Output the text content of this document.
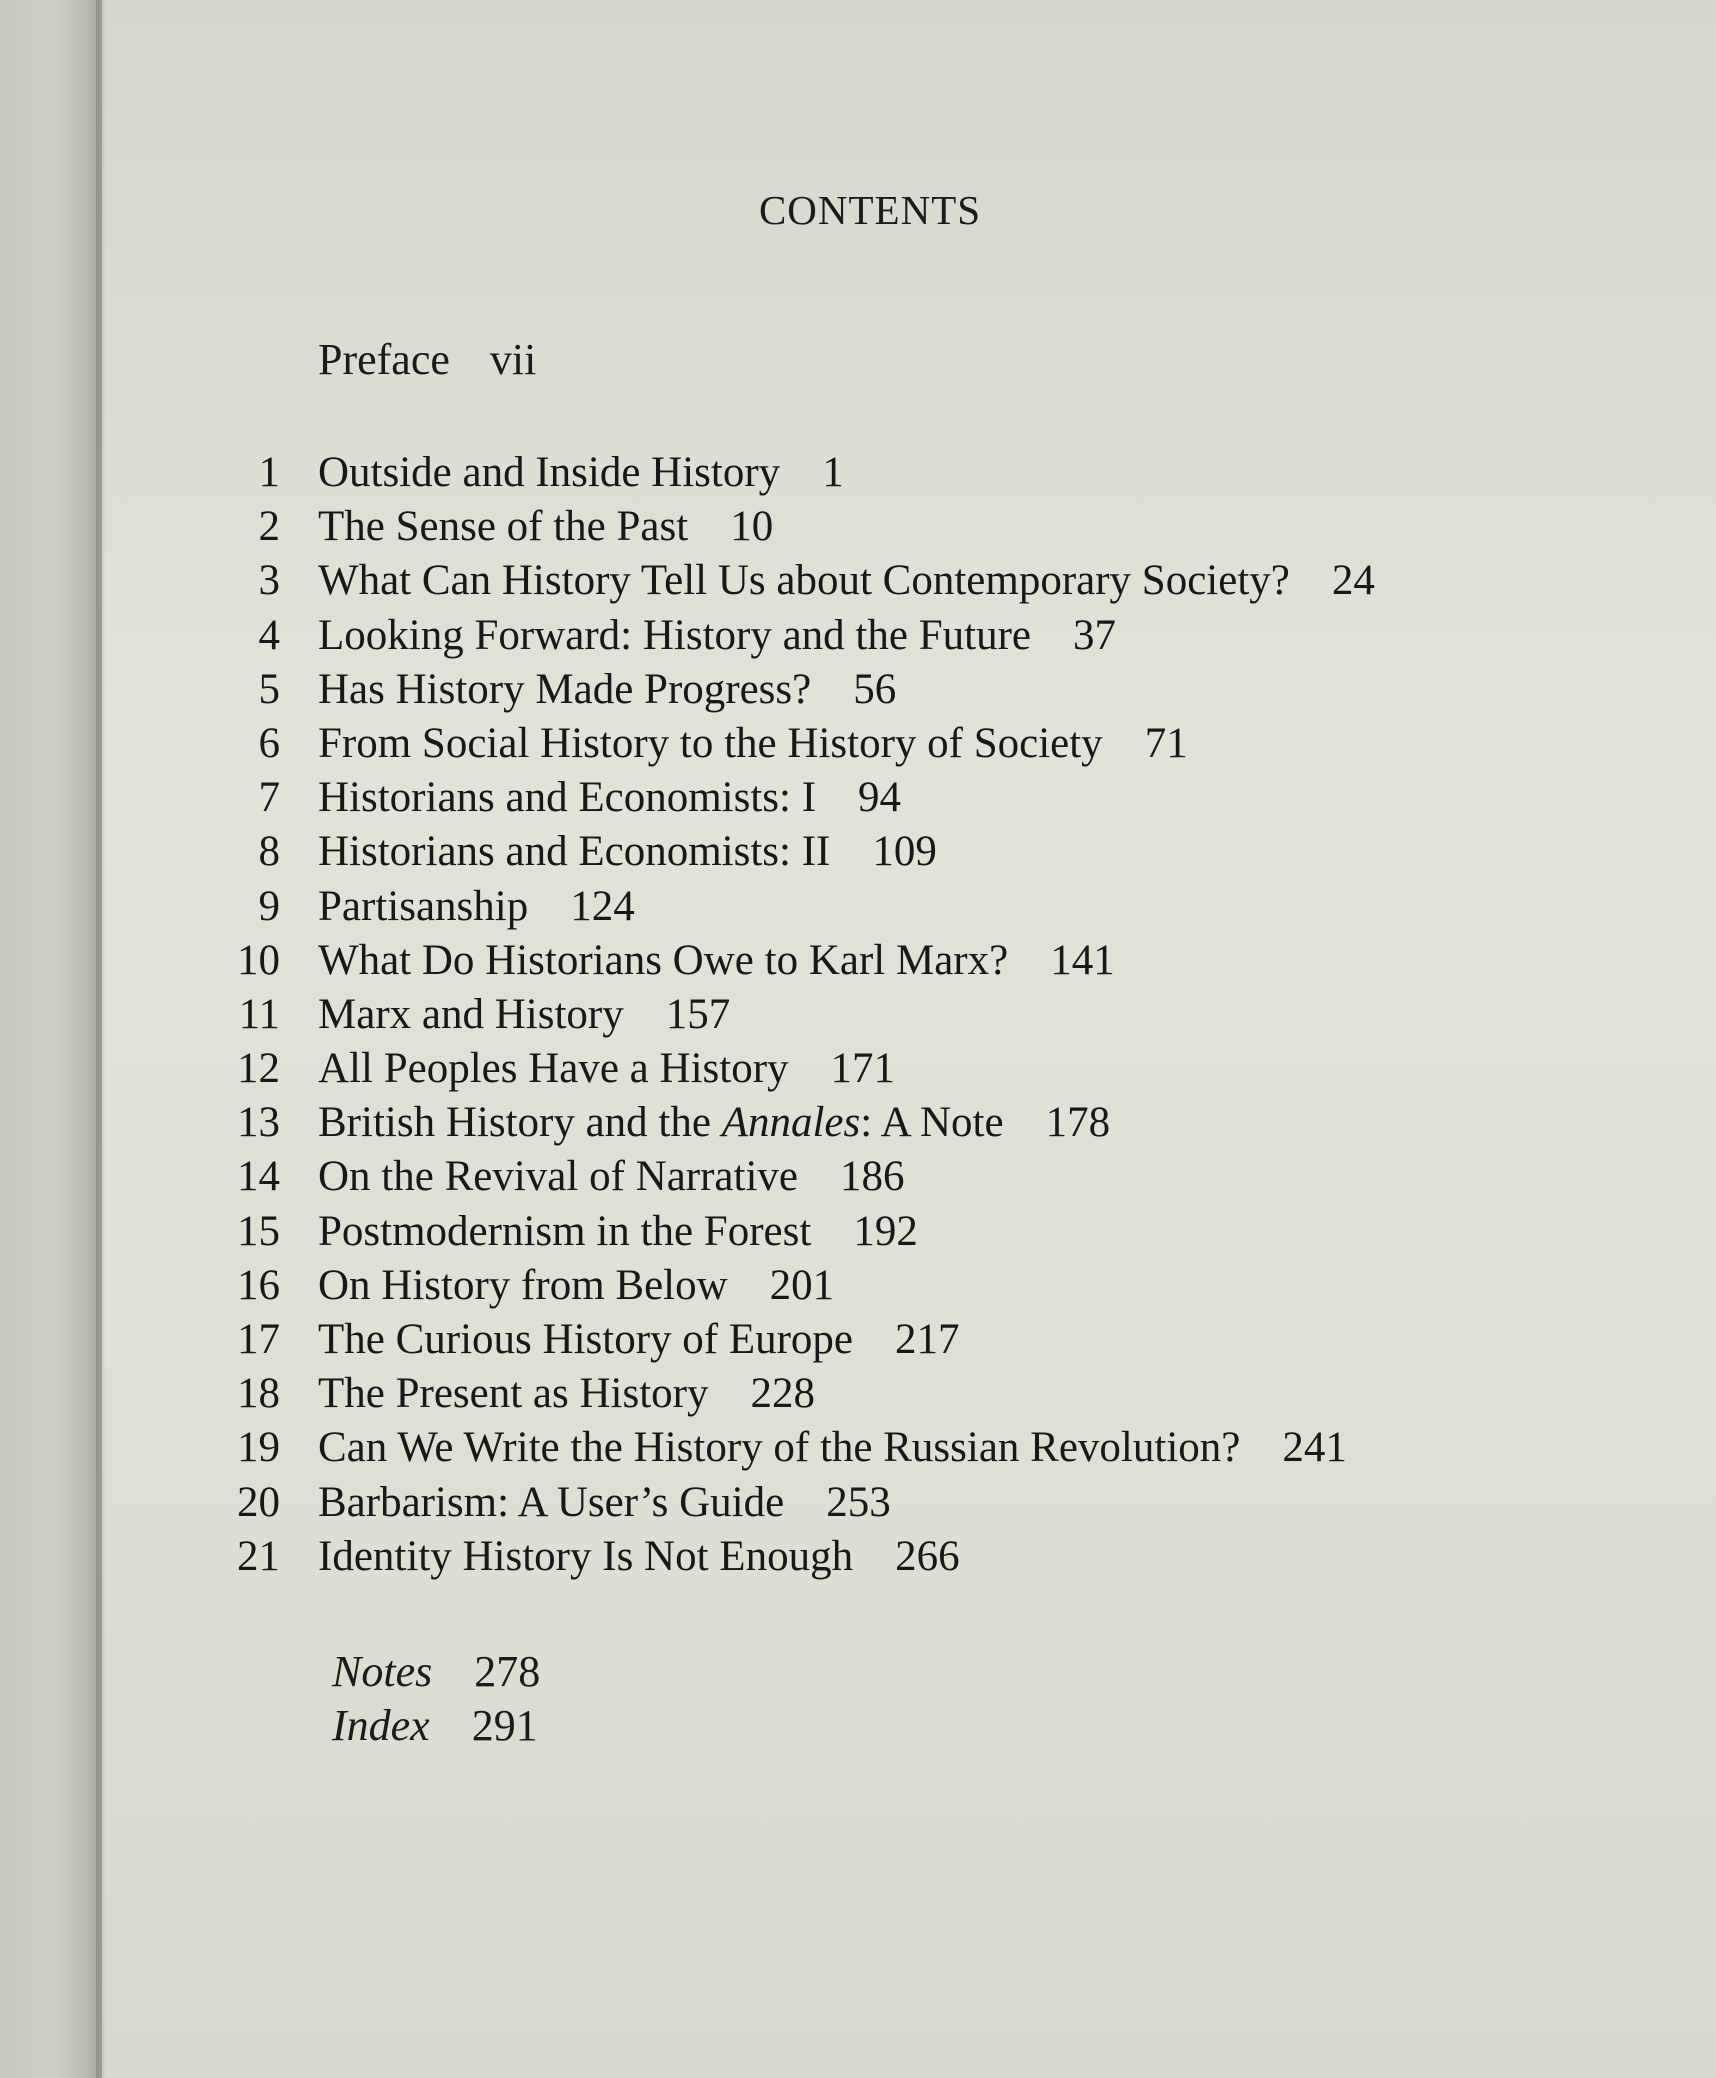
CONTENTS
Preface vii
1 Outside and Inside History 1
2 The Sense of the Past 10
3 What Can History Tell Us about Contemporary Society? 24
4 Looking Forward: History and the Future 37
5 Has History Made Progress? 56
6 From Social History to the History of Society 71
7 Historians and Economists: I 94
8 Historians and Economists: II 109
9 Partisanship 124
10 What Do Historians Owe to Karl Marx? 141
11 Marx and History 157
12 All Peoples Have a History 171
13 British History and the Annales: A Note 178
14 On the Revival of Narrative 186
15 Postmodernism in the Forest 192
16 On History from Below 201
17 The Curious History of Europe 217
18 The Present as History 228
19 Can We Write the History of the Russian Revolution? 241
20 Barbarism: A User’s Guide 253
21 Identity History Is Not Enough 266
Notes 278
Index 291
